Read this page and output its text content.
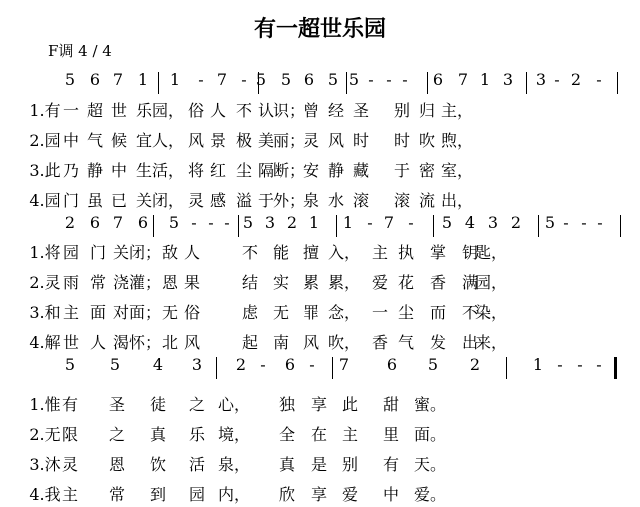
有一超世乐园
F调 4 / 4
5 6 7 1 1 - 7 - 5 5 6 5 5 - - - 6 7 1 3 3 - 2 -
1.有 一 超 世 乐 园， 俗 人 不 认
识；
曾 经 圣 别 归 主，
2.园 中 气 候 宜 人， 风 景 极 美
丽；
灵 风 时 时 吹 煦，
3.此 乃 静 中 生 活， 将 红 尘 隔
断；
安 静 藏 于 密 室，
4.园 门 虽 已 关 闭， 灵 感 溢 于
外；
泉 水 滚 滚 流 出，
2 6 7 6 5 - - - 5 3 2 1 1 - 7 - 5 4 3 2 5 - - -
1.将 园 门 关 闭； 敌 人	不 能 擅 入， 主 执 掌 钥
匙，
2.灵 雨 常 浇 灌； 恩 果	结 实 累 累， 爱 花 香 满
园，
3.和 主 面 对 面； 无 俗	虑 无 罪 念， 一 尘 而 不
染，
4.解 世 人 渴 怀； 北 风	起 南 风 吹， 香 气 发 出
来，
5 5 4 3 2 - 6 - 7 6 5 2	1 - - -
1.惟 有 圣 徒 之 心， 独 享 此 甜 蜜。
2.无 限 之 真 乐 境， 全 在 主 里 面。
3.沐 灵 恩 饮 活 泉， 真 是 别 有 天。
4.我 主 常 到 园 内， 欣 享 爱 中 爱。
